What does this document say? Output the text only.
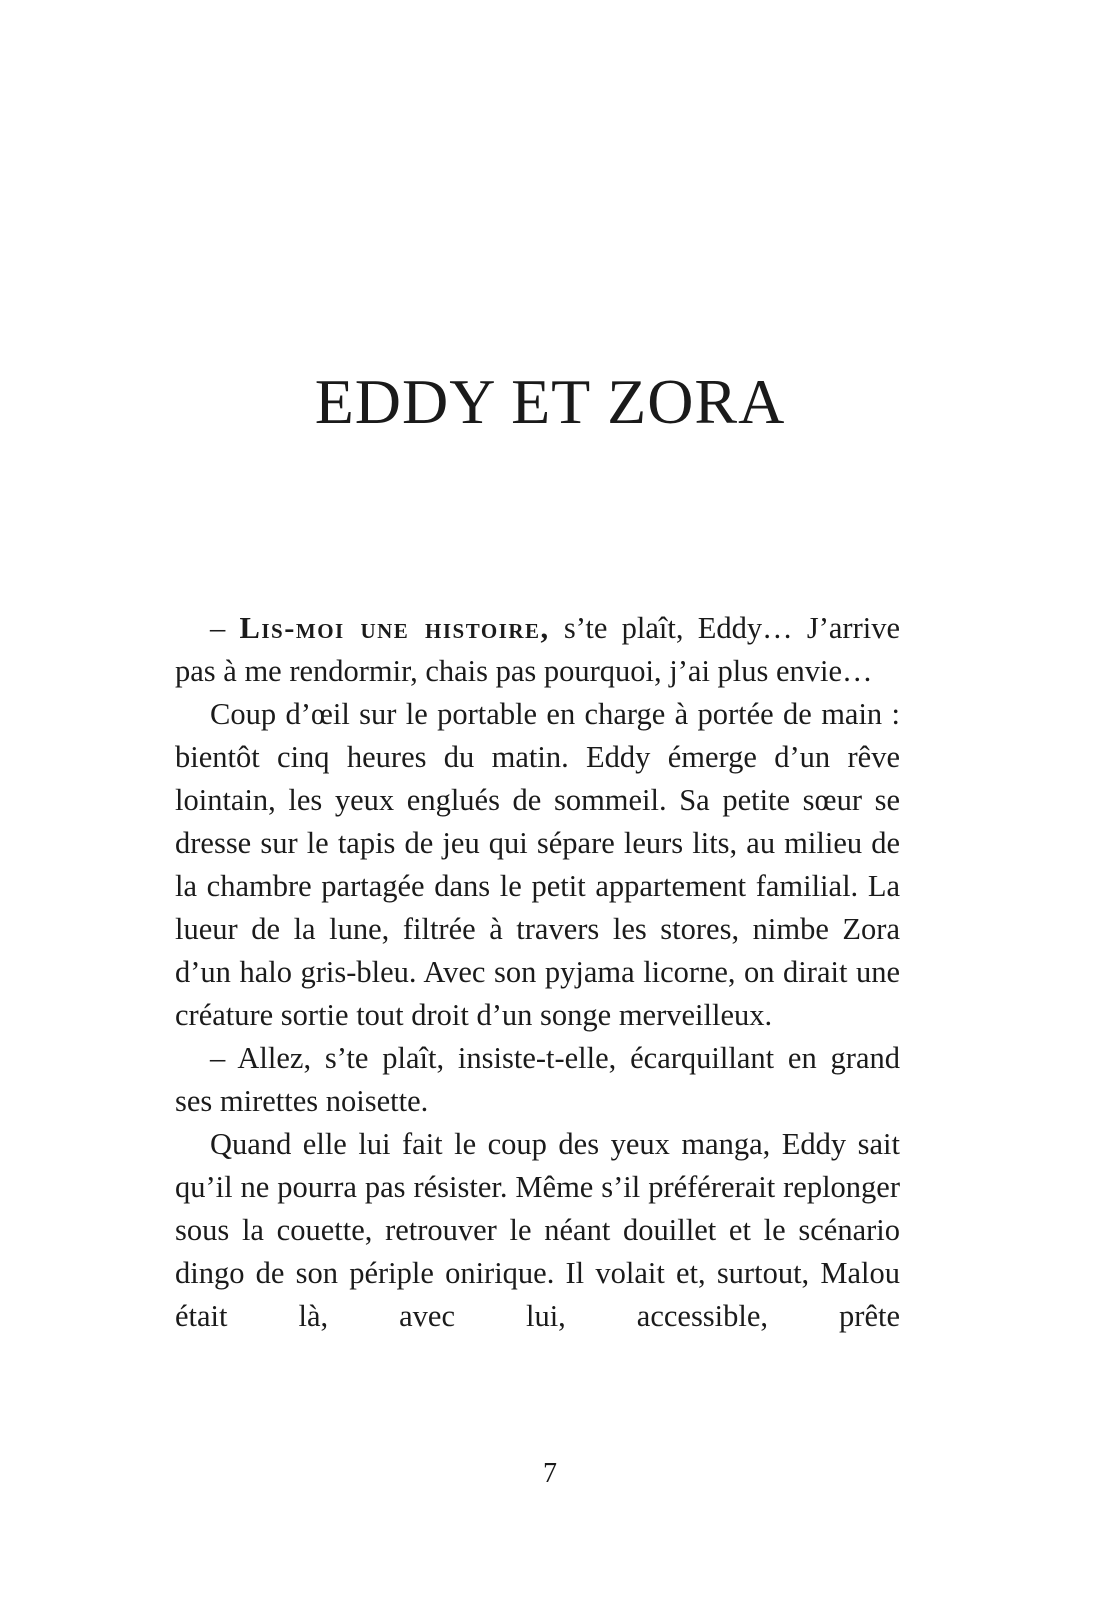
EDDY ET ZORA

– Lis-moi une histoire, s’te plaît, Eddy… J’arrive pas à me rendormir, chais pas pourquoi, j’ai plus envie…

Coup d’œil sur le portable en charge à portée de main : bientôt cinq heures du matin. Eddy émerge d’un rêve lointain, les yeux englués de sommeil. Sa petite sœur se dresse sur le tapis de jeu qui sépare leurs lits, au milieu de la chambre partagée dans le petit appartement familial. La lueur de la lune, filtrée à travers les stores, nimbe Zora d’un halo gris-bleu. Avec son pyjama licorne, on dirait une créature sortie tout droit d’un songe merveilleux.

– Allez, s’te plaît, insiste-t-elle, écarquillant en grand ses mirettes noisette.

Quand elle lui fait le coup des yeux manga, Eddy sait qu’il ne pourra pas résister. Même s’il préférerait replonger sous la couette, retrouver le néant douillet et le scénario dingo de son périple onirique. Il volait et, surtout, Malou était là, avec lui, accessible, prête

7
